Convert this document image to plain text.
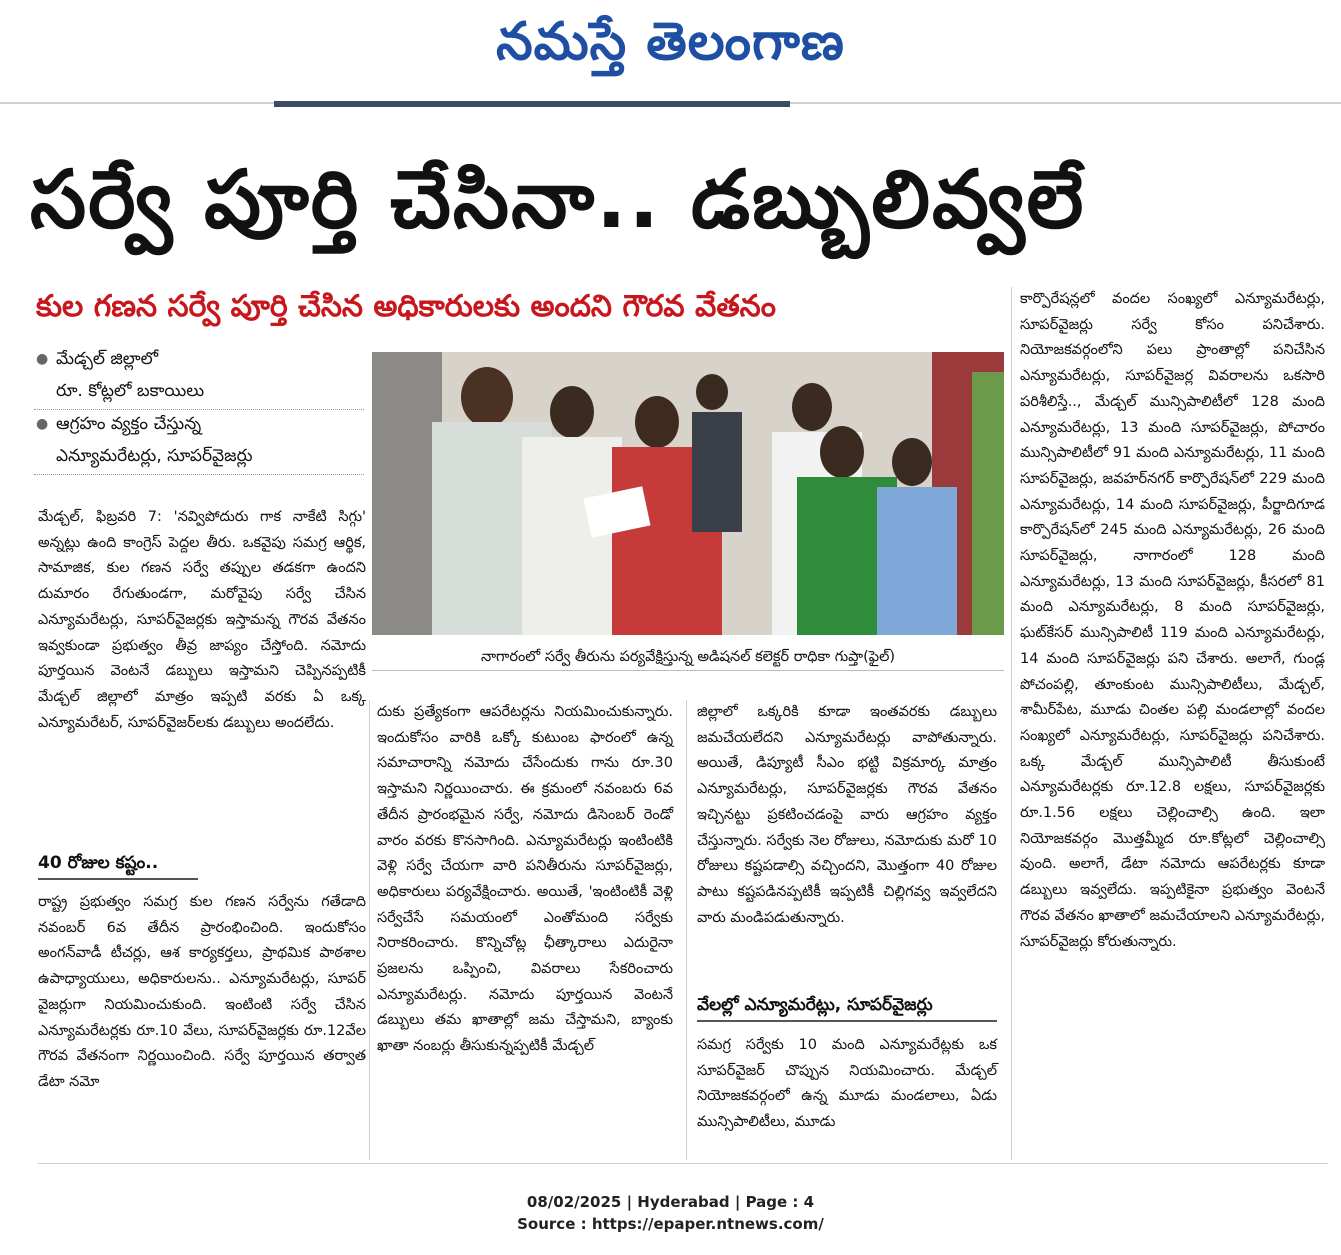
నమస్తే తెలంగాణ
సర్వే పూర్తి చేసినా.. డబ్బులివ్వలే
కుల గణన సర్వే పూర్తి చేసిన అధికారులకు అందని గౌరవ వేతనం
● మేడ్చల్ జిల్లాలో
రూ. కోట్లలో బకాయిలు
● ఆగ్రహం వ్యక్తం చేస్తున్న
ఎన్యూమరేటర్లు, సూపర్‌వైజర్లు

మేడ్చల్, ఫిబ్రవరి 7: 'నవ్విపోదురు గాక నాకేటి సిగ్గు' అన్నట్లు ఉంది కాంగ్రెస్ పెద్దల తీరు. ఒకవైపు సమగ్ర ఆర్థిక, సామాజిక, కుల గణన సర్వే తప్పుల తడకగా ఉందని దుమారం రేగుతుండగా, మరోవైపు సర్వే చేసిన ఎన్యూమరేటర్లు, సూపర్‌వైజర్లకు ఇస్తామన్న గౌరవ వేతనం ఇవ్వకుండా ప్రభుత్వం తీవ్ర జాప్యం చేస్తోంది. నమోదు పూర్తయిన వెంటనే డబ్బులు ఇస్తామని చెప్పినప్పటికీ మేడ్చల్ జిల్లాలో మాత్రం ఇప్పటి వరకు ఏ ఒక్క ఎన్యూమరేటర్, సూపర్‌వైజర్‌లకు డబ్బులు అందలేదు.

40 రోజుల కష్టం..

రాష్ట్ర ప్రభుత్వం సమగ్ర కుల గణన సర్వేను గతేడాది నవంబర్ 6వ తేదీన ప్రారంభించింది. ఇందుకోసం అంగన్‌వాడీ టీచర్లు, ఆశ కార్యకర్తలు, ప్రాథమిక పాఠశాల ఉపాధ్యాయులు, అధికారులను.. ఎన్యూమరేటర్లు, సూపర్ వైజర్లుగా నియమించుకుంది. ఇంటింటి సర్వే చేసిన ఎన్యూమరేటర్లకు రూ.10 వేలు, సూపర్‌వైజర్లకు రూ.12వేల గౌరవ వేతనంగా నిర్ణయించింది. సర్వే పూర్తయిన తర్వాత డేటా నమో

నాగారంలో సర్వే తీరును పర్యవేక్షిస్తున్న అడిషనల్ కలెక్టర్ రాధికా గుప్తా(ఫైల్)

దుకు ప్రత్యేకంగా ఆపరేటర్లను నియమించుకున్నారు. ఇందుకోసం వారికి ఒక్కో కుటుంబ ఫారంలో ఉన్న సమాచారాన్ని నమోదు చేసేందుకు గాను రూ.30 ఇస్తామని నిర్ణయించారు. ఈ క్రమంలో నవంబరు 6వ తేదీన ప్రారంభమైన సర్వే, నమోదు డిసెంబర్ రెండో వారం వరకు కొనసాగింది. ఎన్యూమరేటర్లు ఇంటింటికి వెళ్లి సర్వే చేయగా వారి పనితీరును సూపర్‌వైజర్లు, అధికారులు పర్యవేక్షించారు. అయితే, 'ఇంటింటికీ వెళ్లి సర్వేచేసే సమయంలో ఎంతోమంది సర్వేకు నిరాకరించారు. కొన్నిచోట్ల ఛీత్కారాలు ఎదురైనా ప్రజలను ఒప్పించి, వివరాలు సేకరించారు ఎన్యూమరేటర్లు. నమోదు పూర్తయిన వెంటనే డబ్బులు తమ ఖాతాల్లో జమ చేస్తామని, బ్యాంకు ఖాతా నంబర్లు తీసుకున్నప్పటికీ మేడ్చల్

జిల్లాలో ఒక్కరికి కూడా ఇంతవరకు డబ్బులు జమచేయలేదని ఎన్యూమరేటర్లు వాపోతున్నారు. అయితే, డిప్యూటీ సీఎం భట్టి విక్రమార్క మాత్రం ఎన్యూమరేటర్లు, సూపర్‌వైజర్లకు గౌరవ వేతనం ఇచ్చినట్టు ప్రకటించడంపై వారు ఆగ్రహం వ్యక్తం చేస్తున్నారు. సర్వేకు నెల రోజులు, నమోదుకు మరో 10 రోజులు కష్టపడాల్సి వచ్చిందని, మొత్తంగా 40 రోజుల పాటు కష్టపడినప్పటికీ ఇప్పటికీ చిల్లిగవ్వ ఇవ్వలేదని వారు మండిపడుతున్నారు.

వేలల్లో ఎన్యూమరేట్లు, సూపర్‌వైజర్లు

సమగ్ర సర్వేకు 10 మంది ఎన్యూమరేట్లకు ఒక సూపర్‌వైజర్ చొప్పున నియమించారు. మేడ్చల్ నియోజకవర్గంలో ఉన్న మూడు మండలాలు, ఏడు మున్సిపాలిటీలు, మూడు

కార్పొరేషన్లలో వందల సంఖ్యలో ఎన్యూమరేటర్లు, సూపర్‌వైజర్లు సర్వే కోసం పనిచేశారు. నియోజకవర్గంలోని పలు ప్రాంతాల్లో పనిచేసిన ఎన్యూమరేటర్లు, సూపర్‌వైజర్ల వివరాలను ఒకసారి పరిశీలిస్తే.., మేడ్చల్ మున్సిపాలిటీలో 128 మంది ఎన్యూమరేటర్లు, 13 మంది సూపర్‌వైజర్లు, పోచారం మున్సిపాలిటీలో 91 మంది ఎన్యూమరేటర్లు, 11 మంది సూపర్‌వైజర్లు, జవహర్‌నగర్ కార్పొరేషన్‌లో 229 మంది ఎన్యూమరేటర్లు, 14 మంది సూపర్‌వైజర్లు, పీర్జాదిగూడ కార్పొరేషన్‌లో 245 మంది ఎన్యూమరేటర్లు, 26 మంది సూపర్‌వైజర్లు, నాగారంలో 128 మంది ఎన్యూమరేటర్లు, 13 మంది సూపర్‌వైజర్లు, కీసరలో 81 మంది ఎన్యూమరేటర్లు, 8 మంది సూపర్‌వైజర్లు, ఘట్‌కేసర్ మున్సిపాలిటీ 119 మంది ఎన్యూమరేటర్లు, 14 మంది సూపర్‌వైజర్లు పని చేశారు. అలాగే, గుండ్ల పోచంపల్లి, తూంకుంట మున్సిపాలిటీలు, మేడ్చల్, శామీర్‌పేట, మూడు చింతల పల్లి మండలాల్లో వందల సంఖ్యలో ఎన్యూమరేటర్లు, సూపర్‌వైజర్లు పనిచేశారు. ఒక్క మేడ్చల్ మున్సిపాలిటీ తీసుకుంటే ఎన్యూమరేటర్లకు రూ.12.8 లక్షలు, సూపర్‌వైజర్లకు రూ.1.56 లక్షలు చెల్లించాల్సి ఉంది. ఇలా నియోజకవర్గం మొత్తమ్మీద రూ.కోట్లలో చెల్లించాల్సి వుంది. అలాగే, డేటా నమోదు ఆపరేటర్లకు కూడా డబ్బులు ఇవ్వలేదు. ఇప్పటికైనా ప్రభుత్వం వెంటనే గౌరవ వేతనం ఖాతాలో జమచేయాలని ఎన్యూమరేటర్లు, సూపర్‌వైజర్లు కోరుతున్నారు.

08/02/2025 | Hyderabad | Page : 4
Source : https://epaper.ntnews.com/
